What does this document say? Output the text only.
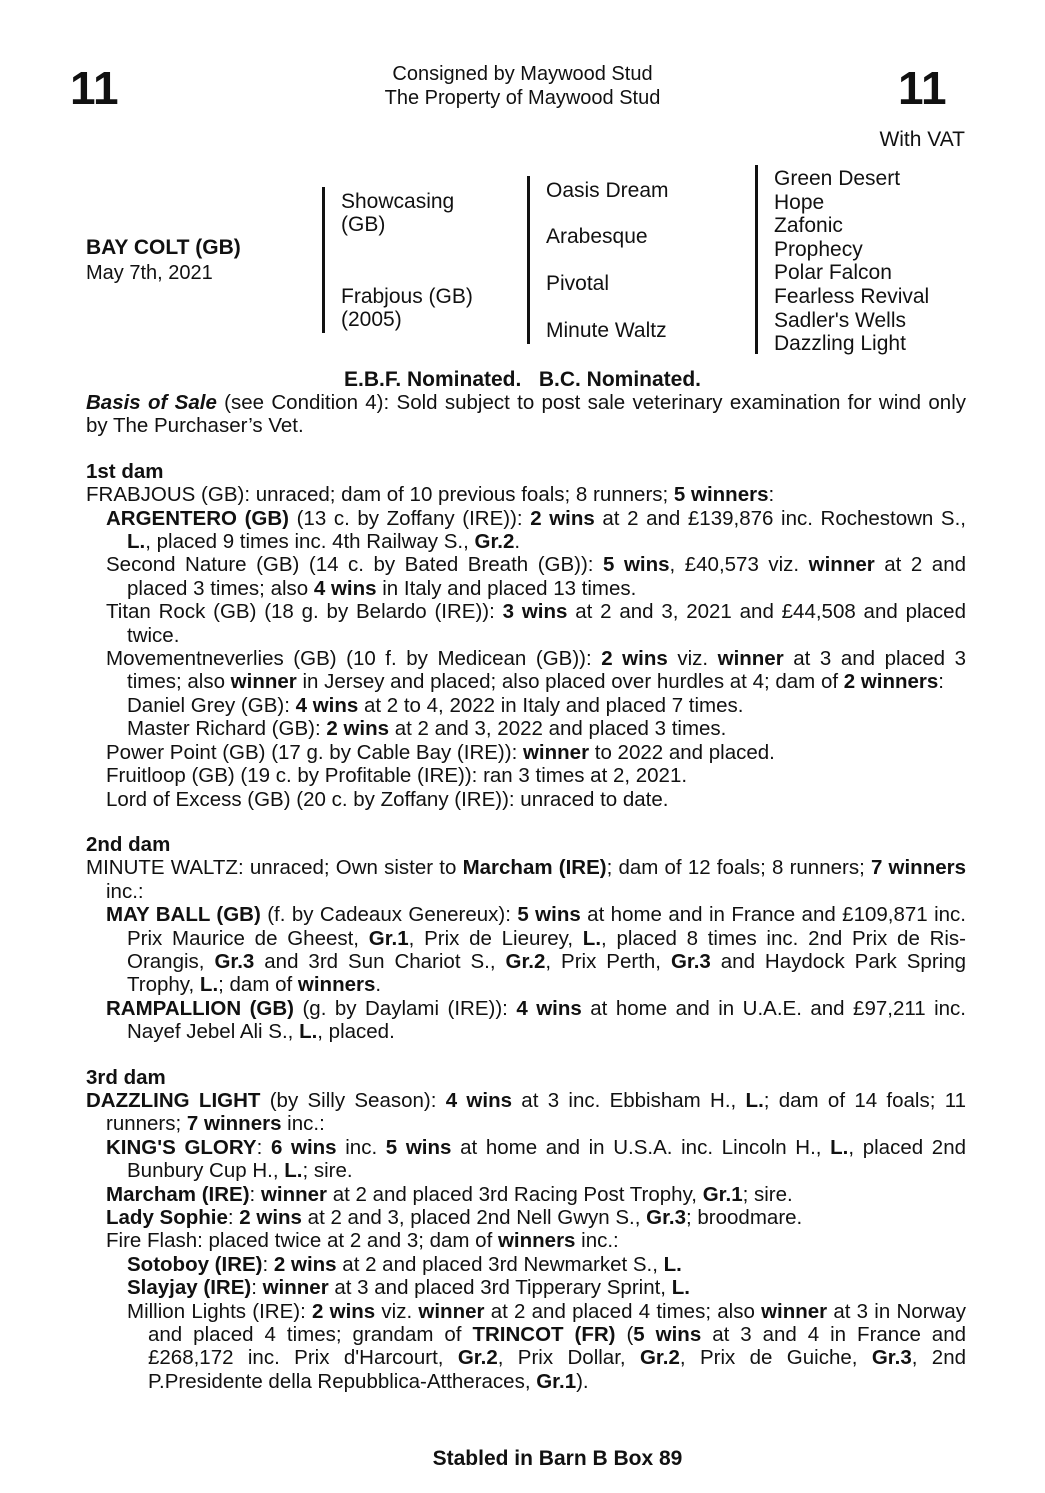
11	11
Consigned by Maywood Stud
The Property of Maywood Stud
With VAT
BAY COLT (GB)
May 7th, 2021
Showcasing
(GB)
Frabjous (GB)
(2005)
Oasis Dream
Arabesque
Pivotal
Minute Waltz
Green Desert
Hope
Zafonic
Prophecy
Polar Falcon
Fearless Revival
Sadler's Wells
Dazzling Light
E.B.F. Nominated.   B.C. Nominated.

Basis of Sale (see Condition 4): Sold subject to post sale veterinary examination for wind only by The Purchaser’s Vet.

1st dam

FRABJOUS (GB): unraced; dam of 10 previous foals; 8 runners; 5 winners:

ARGENTERO (GB) (13 c. by Zoffany (IRE)): 2 wins at 2 and £139,876 inc. Rochestown S., L., placed 9 times inc. 4th Railway S., Gr.2.

Second Nature (GB) (14 c. by Bated Breath (GB)): 5 wins, £40,573 viz. winner at 2 and placed 3 times; also 4 wins in Italy and placed 13 times.

Titan Rock (GB) (18 g. by Belardo (IRE)): 3 wins at 2 and 3, 2021 and £44,508 and placed twice.

Movementneverlies (GB) (10 f. by Medicean (GB)): 2 wins viz. winner at 3 and placed 3 times; also winner in Jersey and placed; also placed over hurdles at 4; dam of 2 winners:

Daniel Grey (GB): 4 wins at 2 to 4, 2022 in Italy and placed 7 times.

Master Richard (GB): 2 wins at 2 and 3, 2022 and placed 3 times.

Power Point (GB) (17 g. by Cable Bay (IRE)): winner to 2022 and placed.

Fruitloop (GB) (19 c. by Profitable (IRE)): ran 3 times at 2, 2021.

Lord of Excess (GB) (20 c. by Zoffany (IRE)): unraced to date.

2nd dam

MINUTE WALTZ: unraced; Own sister to Marcham (IRE); dam of 12 foals; 8 runners; 7 winners inc.:

MAY BALL (GB) (f. by Cadeaux Genereux): 5 wins at home and in France and £109,871 inc. Prix Maurice de Gheest, Gr.1, Prix de Lieurey, L., placed 8 times inc. 2nd Prix de Ris-Orangis, Gr.3 and 3rd Sun Chariot S., Gr.2, Prix Perth, Gr.3 and Haydock Park Spring Trophy, L.; dam of winners.

RAMPALLION (GB) (g. by Daylami (IRE)): 4 wins at home and in U.A.E. and £97,211 inc. Nayef Jebel Ali S., L., placed.

3rd dam

DAZZLING LIGHT (by Silly Season): 4 wins at 3 inc. Ebbisham H., L.; dam of 14 foals; 11 runners; 7 winners inc.:

KING'S GLORY: 6 wins inc. 5 wins at home and in U.S.A. inc. Lincoln H., L., placed 2nd Bunbury Cup H., L.; sire.

Marcham (IRE): winner at 2 and placed 3rd Racing Post Trophy, Gr.1; sire.

Lady Sophie: 2 wins at 2 and 3, placed 2nd Nell Gwyn S., Gr.3; broodmare.

Fire Flash: placed twice at 2 and 3; dam of winners inc.:

Sotoboy (IRE): 2 wins at 2 and placed 3rd Newmarket S., L.

Slayjay (IRE): winner at 3 and placed 3rd Tipperary Sprint, L.

Million Lights (IRE): 2 wins viz. winner at 2 and placed 4 times; also winner at 3 in Norway and placed 4 times; grandam of TRINCOT (FR) (5 wins at 3 and 4 in France and £268,172 inc. Prix d'Harcourt, Gr.2, Prix Dollar, Gr.2, Prix de Guiche, Gr.3, 2nd P.Presidente della Repubblica-Attheraces, Gr.1).

Stabled in Barn B Box 89
